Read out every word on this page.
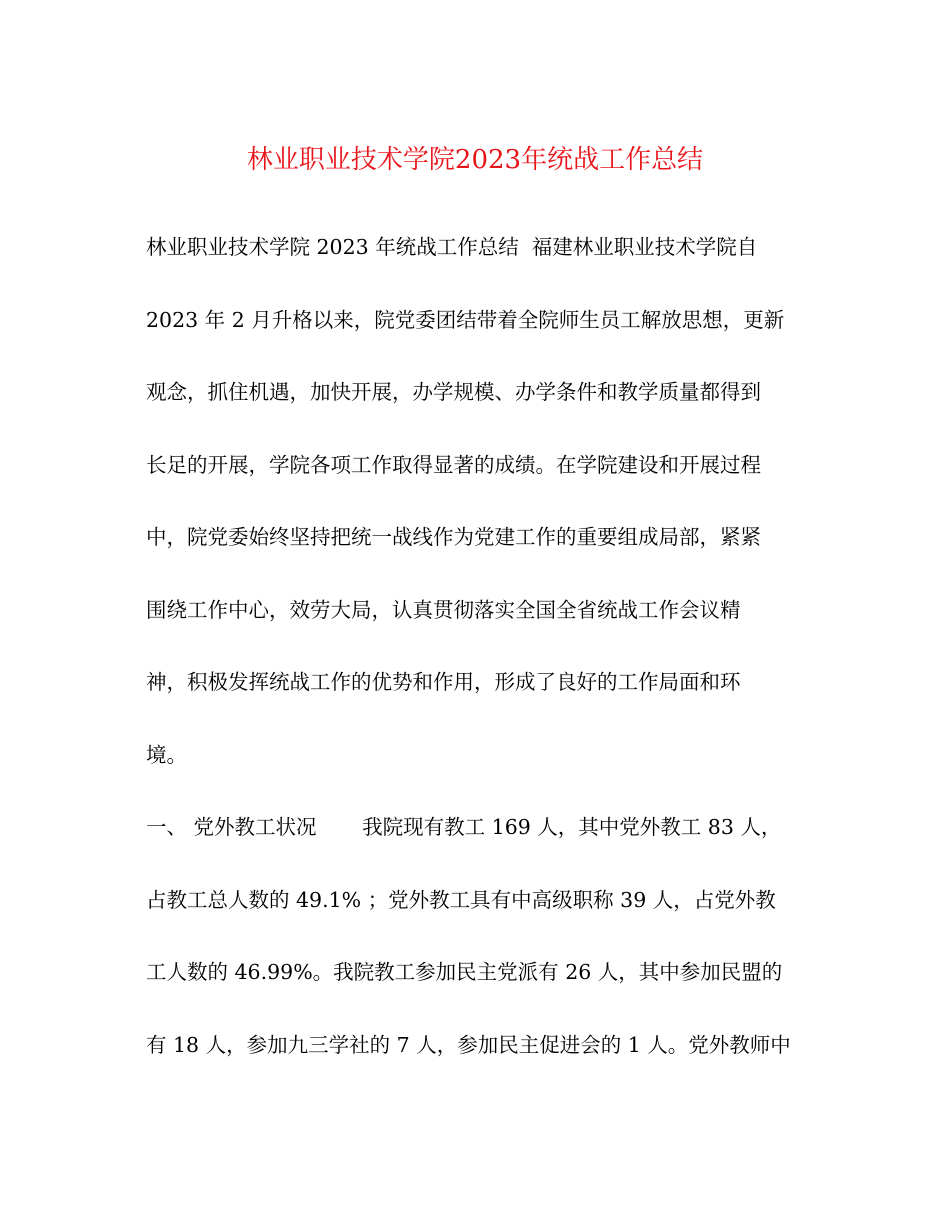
林业职业技术学院2023年统战工作总结
林业职业技术学院 2023 年统战工作总结  福建林业职业技术学院自
2023 年 2 月升格以来，院党委团结带着全院师生员工解放思想，更新
观念，抓住机遇，加快开展，办学规模、办学条件和教学质量都得到
长足的开展，学院各项工作取得显著的成绩。在学院建设和开展过程
中，院党委始终坚持把统一战线作为党建工作的重要组成局部，紧紧
围绕工作中心，效劳大局，认真贯彻落实全国全省统战工作会议精
神，积极发挥统战工作的优势和作用，形成了良好的工作局面和环
境。
一、 党外教工状况       我院现有教工 169 人，其中党外教工 83 人，
占教工总人数的 49.1% ；党外教工具有中高级职称 39 人，占党外教
工人数的 46.99%。我院教工参加民主党派有 26 人，其中参加民盟的
有 18 人，参加九三学社的 7 人，参加民主促进会的 1 人。党外教师中
